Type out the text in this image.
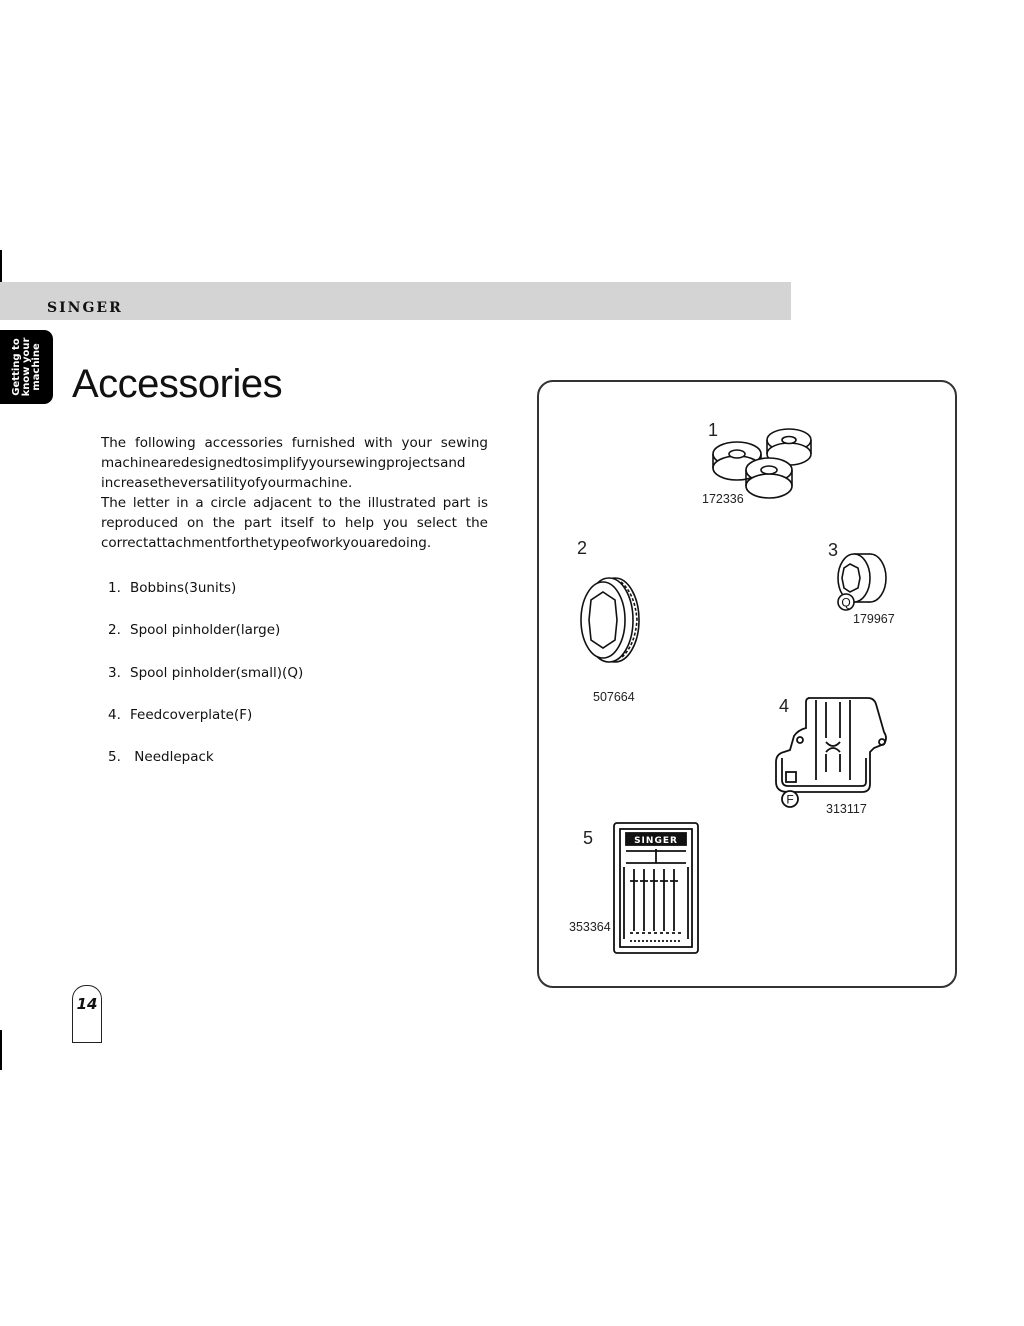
SINGER
Getting to
know your
machine Accessories

The following accessories furnished with your sewing machinearedesignedtosimplifyyoursewingprojectsand increasetheversatilityofyourmachine.

The letter in a circle adjacent to the illustrated part is reproduced on the part itself to help you select the correctattachmentforthetypeofworkyouaredoing.

1. Bobbins(3units)
2. Spool pinholder(large)
3. Spool pinholder(small)(Q)
4. Feedcoverplate(F)
5. Needlepack
1
172336
2
507664
3
Q
179967
4
F
313117
5	SINGER
353364
14
